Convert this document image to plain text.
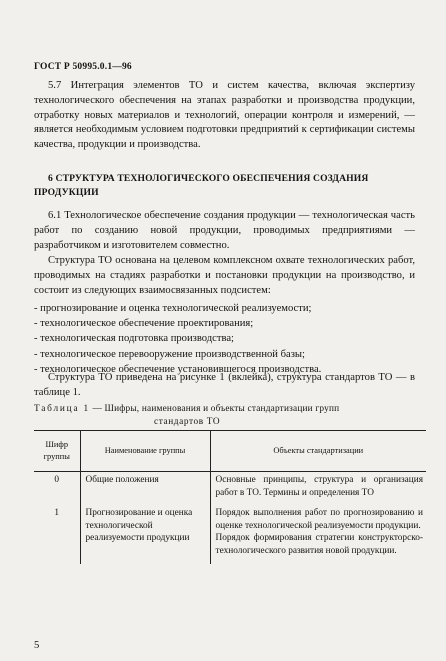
ГОСТ Р 50995.0.1—96

5.7 Интеграция элементов ТО и систем качества, включая экспертизу технологического обеспечения на этапах разработки и производства продукции, отработку новых материалов и технологий, операции контроля и измерений, — является необходимым условием подготовки предприятий к сертификации системы качества, продукции и производства.

6 СТРУКТУРА ТЕХНОЛОГИЧЕСКОГО ОБЕСПЕЧЕНИЯ СОЗДАНИЯ ПРОДУКЦИИ

6.1 Технологическое обеспечение создания продукции — технологическая часть работ по созданию новой продукции, проводимых предприятиями — разработчиком и изготовителем совместно.

Структура ТО основана на целевом комплексном охвате технологических работ, проводимых на стадиях разработки и постановки продукции на производство, и состоит из следующих взаимосвязанных подсистем:

- прогнозирование и оценка технологической реализуемости;
- технологическое обеспечение проектирования;
- технологическая подготовка производства;
- технологическое перевооружение производственной базы;
- технологическое обеспечение установившегося производства.

Структура ТО приведена на рисунке 1 (вклейка), структура стандартов ТО — в таблице 1.

Таблица 1 — Шифры, наименования и объекты стандартизации групп
стандартов ТО
Шифр группы	Наименование группы	Объекты стандартизации
0	Общие положения	Основные принципы, структура и организация работ в ТО. Термины и определения ТО

1	Прогнозирование и оценка технологической реализуемости продукции	Порядок выполнения работ по прогнозированию и оценке технологической реализуемости продукции.

Порядок формирования стратегии конструкторско-технологического развития новой продукции.

5
